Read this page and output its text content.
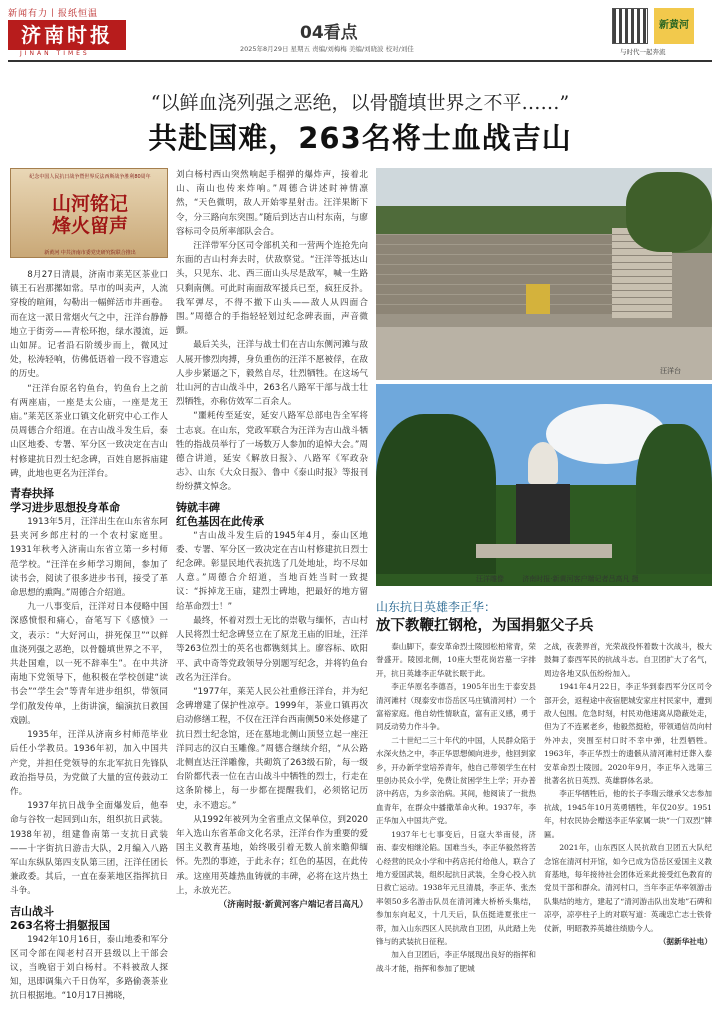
新闻有力丨报纸恒温
济南时报
JINAN TIMES
04看点
2025年8月29日 星期五 责编/刘梅梅 美编/刘晓波 校对/刘佳
新黄河
与时代一起奔流
“以鲜血浇列强之恶绝，以骨髓填世界之不平……”
共赴国难，263名将士血战吉山
纪念中国人民抗日战争暨世界反法西斯战争胜利80周年
山河铭记
烽火留声
新黄河 中共济南市委党史研究院联合推出

8月27日清晨，济南市莱芜区茶业口镇王石岩那摞如常。早市的叫卖声，人流穿梭的暄闹，勾勒出一幅鲜活市井画卷。而在这一派日常烟火气之中，汪洋台静静地立于街旁——青松环抱，绿水漫流，远山如屏。记者沿石阶缓步而上，微风过处，松涛轻响，仿佛低语着一段不容遗忘的历史。

“汪洋台原名钓鱼台，钓鱼台上之前有两座庙，一座是太公庙，一座是龙王庙。”莱芜区茶业口镇文化研究中心工作人员周德合介绍道。在吉山战斗发生后，泰山区地委、专署、军分区一致决定在吉山村修建抗日烈士纪念碑，百姓自愿拆庙建碑，此地也更名为汪洋台。

青春抉择
学习进步思想投身革命

1913年5月，汪洋出生在山东省东阿县夹河乡郎庄村的一个农村家庭里。1931年秋考入济南山东省立第一乡村师范学校。“汪洋在乡师学习期间，参加了读书会，阅读了很多进步书刊，接受了革命思想的熏陶。”周德合介绍道。

九一八事变后，汪洋对日本侵略中国深感愤恨和痛心，奋笔写下《感愤》一文，表示：“大好河山，拼死保卫”“以鲜血浇列强之恶绝，以骨髓填世界之不平，共赴国难，以一死不辞率生”。在中共济南地下党领导下，他积极在学校创建“读书会”“学生会”等青年进步组织，带领同学们散发传单，上街讲演，编演抗日救国戏剧。

1935年，汪洋从济南乡村师范毕业后任小学教员。1936年初，加入中国共产党，并担任党领导的东北军抗日先锋队政治指导员，为党做了大量的宣传鼓动工作。

1937年抗日战争全面爆发后，他奉命与谷牧一起回到山东，组织抗日武装。1938年初，组建鲁南第一支抗日武装——十字街抗日游击大队，2月编入八路军山东纵队第四支队第三团，汪洋任团长兼政委。其后，一直在泰莱地区指挥抗日斗争。

吉山战斗
263名将士捐躯报国

1942年10月16日，泰山地委和军分区司令部在闯老村召开县级以上干部会议，当晚宿于刘白杨村。不料被敌人探知，迅即调集六千日伪军，多路偷袭茶业抗日根据地。“10月17日拂晓，

刘白杨村西山突然响起手榴弹的爆炸声，接着北山、南山也传来炸响。”周德合讲述时神情凛然，“天色微明，敌人开始零星射击。汪洋果断下令，分三路向东突围。”随后到达吉山村东南，与廖容标司令员所率部队会合。

汪洋带军分区司令部机关和一营两个连抢先向东面的吉山村奔去时，伏敌察觉。“汪洋等抵达山头，只见东、北、西三面山头尽是敌军，喊一生路只剩南侧。可此时南面敌军援兵已至，疯狂反扑。我军弹尽，不得不撤下山头——敌人从四面合围。”周德合的手指轻轻划过纪念碑表面，声音微颤。

最后关头，汪洋与战士们在吉山东侧河滩与敌人展开惨烈肉搏，身负重伤的汪洋不愿被俘，在敌人步步紧逼之下，毅然自尽，壮烈牺牲。在这场气壮山河的吉山战斗中，263名八路军干部与战士壮烈牺牲，亦称仿效军二百余人。

“噩耗传至延安，延安八路军总部电告全军将士志哀。在山东，党政军联合为汪洋为吉山战斗牺牲的指战员举行了一场数万人参加的追悼大会。”周德合讲道，延安《解放日报》、八路军《军政杂志》、山东《大众日报》、鲁中《泰山时报》等报刊纷纷撰文悼念。

铸就丰碑
红色基因在此传承

“吉山战斗发生后的1945年4月，泰山区地委、专署、军分区一致决定在吉山村修建抗日烈士纪念碑。彰显民地代表抗选了几处地址，均不尽如人意。”周德合介绍道，当地百姓当时一致提议：“拆掉龙王庙，建烈士碑地，把最好的地方留给革命烈士！”

最终，怀着对烈士无比的崇敬与缅怀，吉山村人民将烈士纪念碑竖立在了原龙王庙的旧址，汪洋等263位烈士的英名也都镌刻其上。廖容标、欧阳平、武中奇等党政领导分别题写纪念，并将钓鱼台改名为汪洋台。

“1977年，莱芜人民公社重修汪洋台，并为纪念碑增建了保护性凉亭。1999年，茶业口镇再次启动修缮工程，不仅在汪洋台西南侧50米处修建了抗日烈士纪念馆，还在墓地北侧山顶竖立起一座汪洋同志的汉白玉雕像。”周德合继续介绍，“从公路北侧直达汪洋雕像，共砌筑了263级石阶，每一级台阶都代表一位在吉山战斗中牺牲的烈士，行走在这条阶梯上，每一步都在提醒我们，必须铭记历史，永不遗忘。”

从1992年被列为全省重点文保单位，到2020年入选山东省革命文化名录，汪洋台作为重要的爱国主义教育基地，始终吸引着无数人前来瞻仰缅怀。先烈的事迹，于此永存；红色的基因，在此传承。这座用英雄热血铸就的丰碑，必将在这片热土上，永放光芒。

（济南时报·新黄河客户端记者吕高凡）
汪洋台
汪洋雕像	济南时报·新黄河客户端记者吕高凡 摄
山东抗日英雄李正华：
放下教鞭扛钢枪，为国捐躯父子兵

泰山脚下，泰安革命烈士陵园松柏常青，荣誉盛开。陵园北侧，10座大型花岗岩墓一字排开，抗日英雄李正华就长眠于此。

李正华原名李德吾，1905年出生于泰安县清河滩村（现泰安市岱岳区马庄镇清河村）一个富裕家庭。他自幼性情耿直，富有正义感，勇于同反动势力作斗争。

二十世纪二三十年代的中国，人民群众陷于水深火热之中，李正华思想倾向进步，他回到家乡，开办新学堂培养青年，他自己带领学生在村里创办民众小学，免费让贫困学生上学；开办普济中药店，为乡亲治病。其间，他阅读了一批热血青年，在群众中播撒革命火种。1937年，李正华加入中国共产党。

1937年七七事变后，日寇大举南侵，济南、泰安相继沦陷。国难当头，李正华毅然将苦心经营的民众小学和中药店托付给他人，联合了地方爱国武装，组织起抗日武装，全身心投入抗日救亡运动。1938年元旦清晨，李正华、张杰率领50多名游击队员在清河滩大桥桥头集结，参加东向起义，十几天后，队伍挺进夏张庄一带，加入山东西区人民抗敌自卫团，从此踏上先锋与的武装抗日征程。

加入自卫团后，李正华展现出良好的指挥和战斗才能，指挥和参加了肥城

之战，夜袭界首，光荣战役怀着数十次战斗，极大鼓舞了泰西军民的抗战斗志。自卫团扩大了名气，周边各地又队伍纷纷加入。

1941年4月22日，李正华到泰西军分区司令部开会，返程途中夜宿肥城安家庄村民家中，遭到敌人包围。危急时刻，村民劝他速离从隐蔽处走，但为了不连累老乡，他毅然挺枪，带领通信员向村外冲去，突围至村口时不幸中弹，壮烈牺牲。1963年，李正华烈士的遗骸从清河滩村迁葬入泰安革命烈士陵园。2020年9月，李正华入选第三批著名抗日英烈、英雄群体名录。

李正华牺牲后，他的长子李瑞云继承父志参加抗战，1945年10月英勇牺牲，年仅20岁。1951年，村农民协会赠送李正华家属一块“一门双烈”牌匾。

2021年，山东西区人民抗敌自卫团五大队纪念馆在清河村开馆，如今已成为岱岳区爱国主义教育基地，每年接待社会团体近来此接受红色教育的党员干部和群众。清河村口，当年李正华率领游击队集结的地方，建起了“清河游击队出发地”石碑和凉亭，凉亭柱子上的对联写道：英魂忠亡志士铁骨仗新，明昭教养英雄往绩励今人。

（据新华社电）
